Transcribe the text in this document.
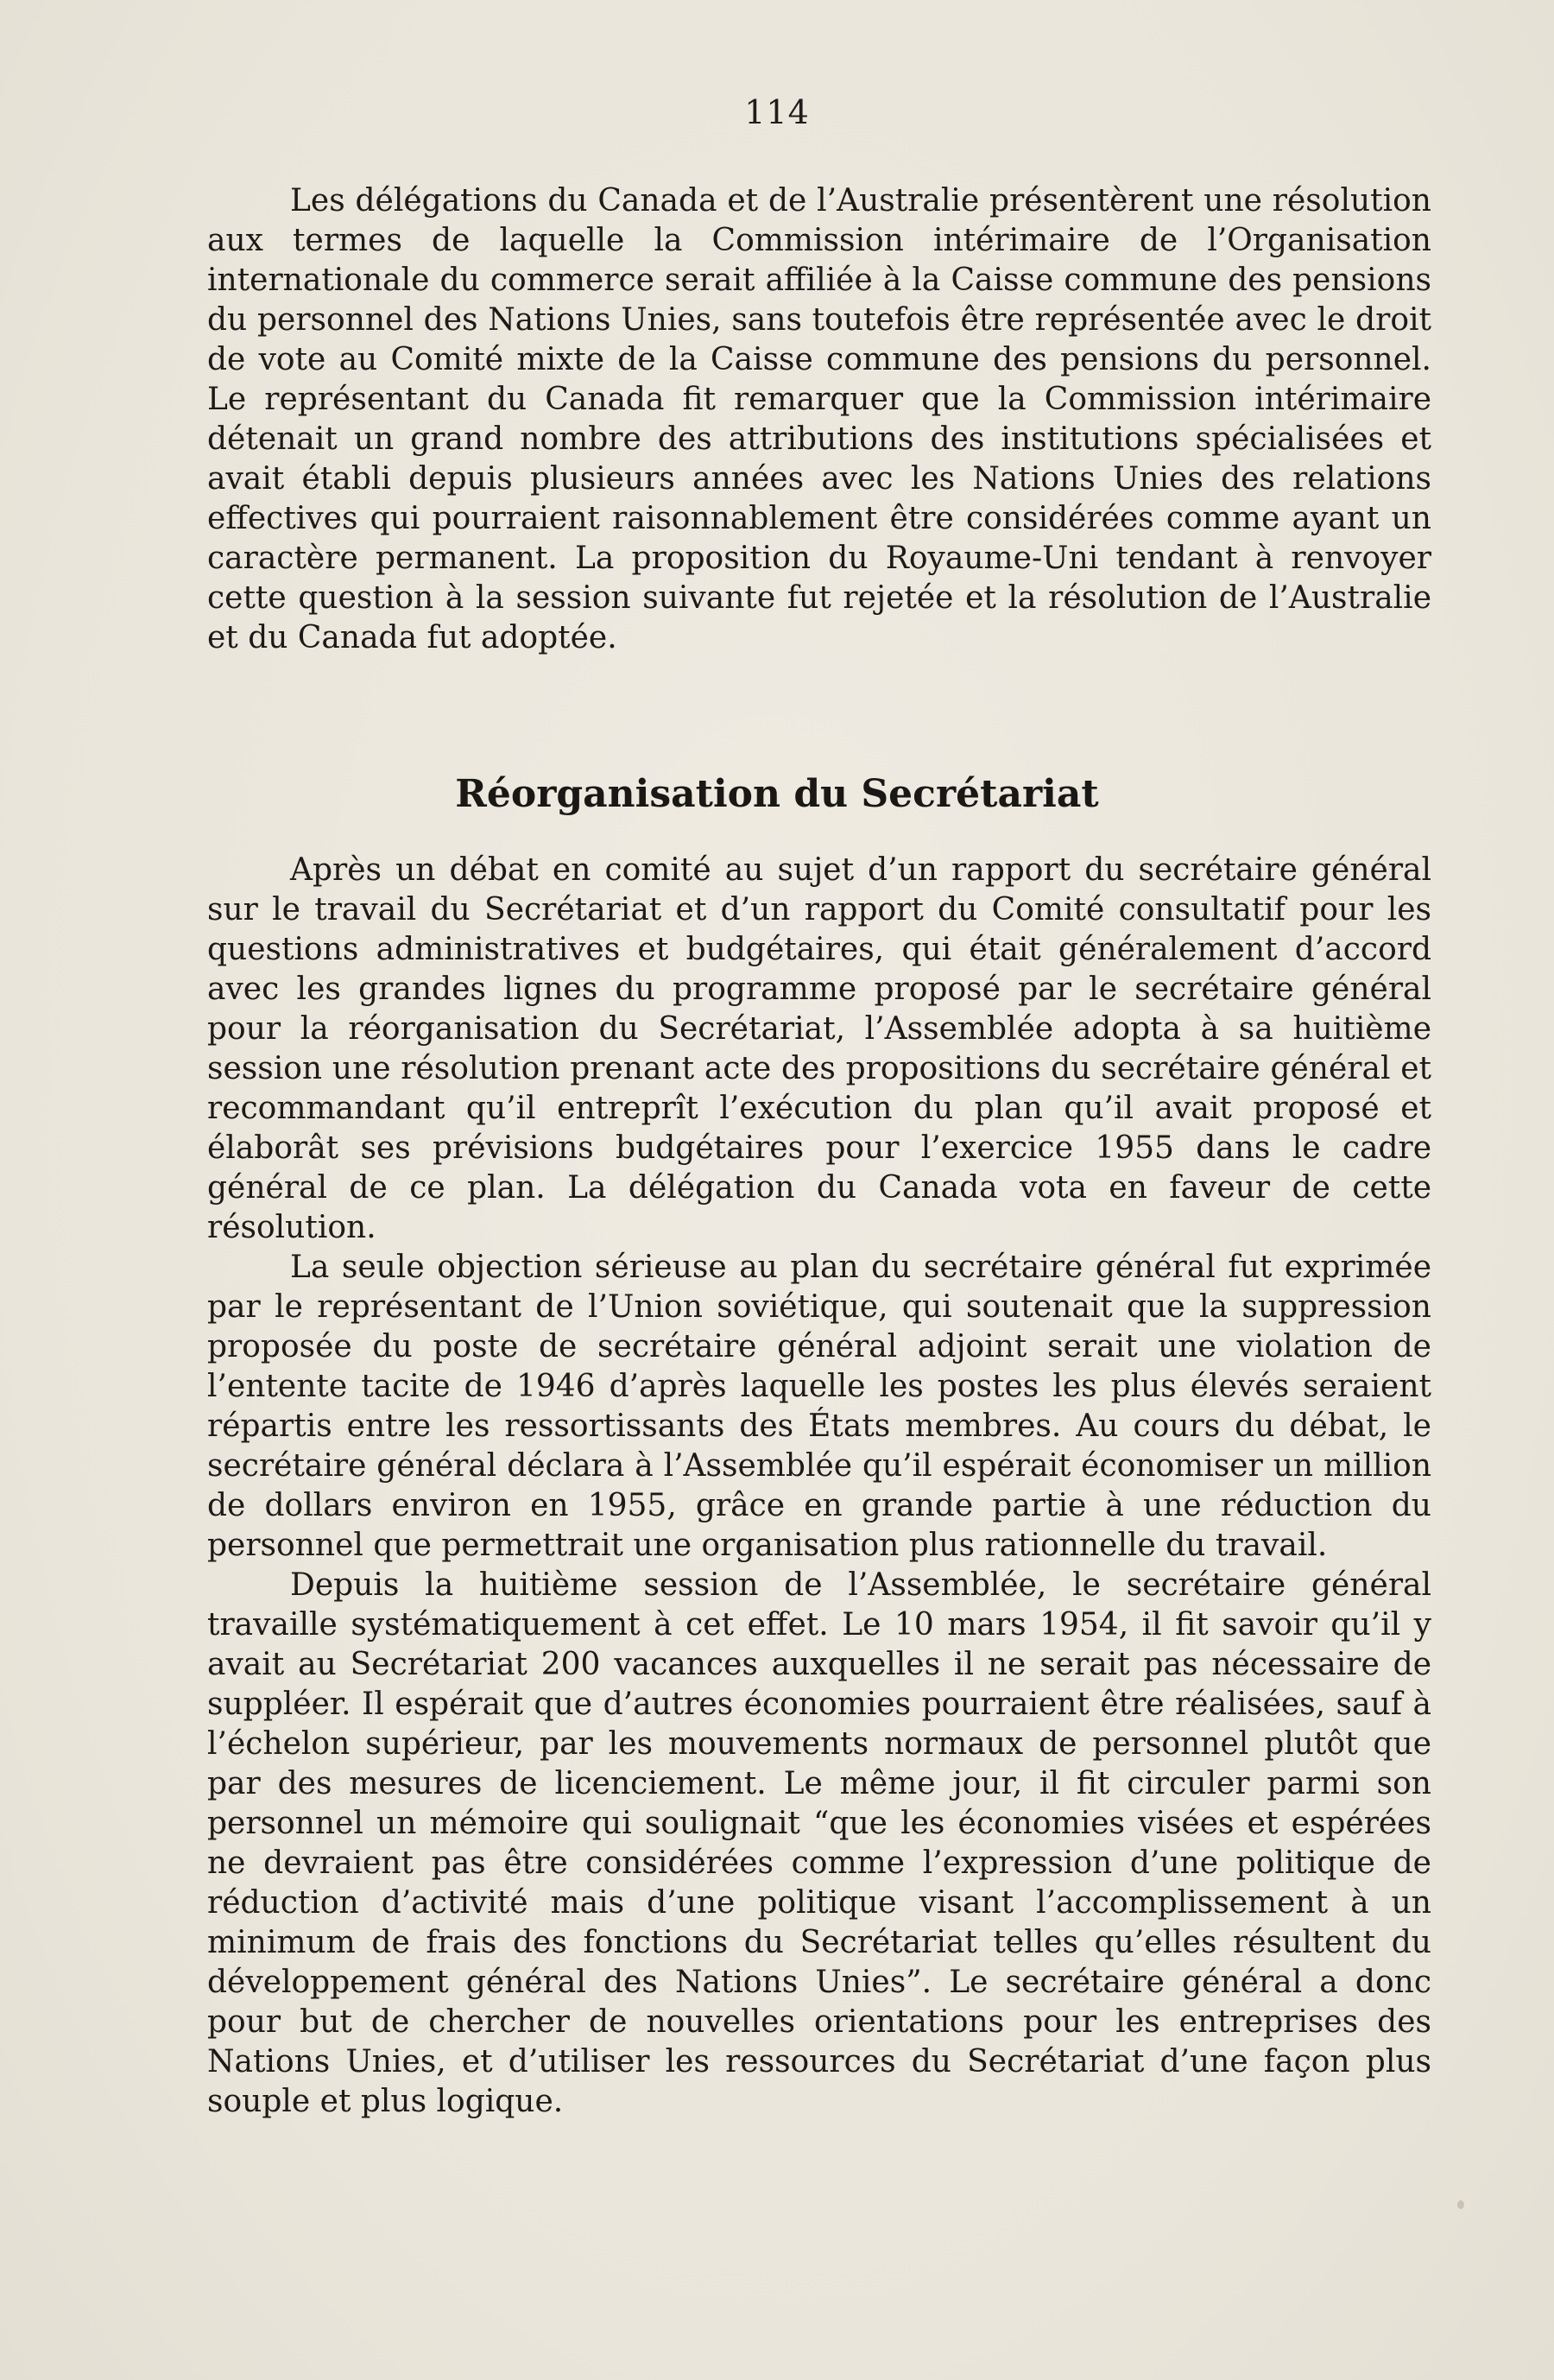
114

Les délégations du Canada et de l’Australie présentèrent une résolution aux termes de laquelle la Commission intérimaire de l’Organisation internationale du commerce serait affiliée à la Caisse commune des pensions du personnel des Nations Unies, sans toutefois être représentée avec le droit de vote au Comité mixte de la Caisse commune des pensions du personnel. Le représentant du Canada fit remarquer que la Commission intérimaire détenait un grand nombre des attributions des institutions spécialisées et avait établi depuis plusieurs années avec les Nations Unies des relations effectives qui pourraient raisonnablement être considérées comme ayant un caractère permanent. La proposition du Royaume-Uni tendant à renvoyer cette question à la session suivante fut rejetée et la résolution de l’Australie et du Canada fut adoptée.

Réorganisation du Secrétariat

Après un débat en comité au sujet d’un rapport du secrétaire général sur le travail du Secrétariat et d’un rapport du Comité consultatif pour les questions administratives et budgétaires, qui était généralement d’accord avec les grandes lignes du programme proposé par le secrétaire général pour la réorganisation du Secrétariat, l’Assemblée adopta à sa huitième session une résolution prenant acte des propositions du secrétaire général et recommandant qu’il entreprît l’exécution du plan qu’il avait proposé et élaborât ses prévisions budgétaires pour l’exercice 1955 dans le cadre général de ce plan. La délégation du Canada vota en faveur de cette résolution.

La seule objection sérieuse au plan du secrétaire général fut exprimée par le représentant de l’Union soviétique, qui soutenait que la suppression proposée du poste de secrétaire général adjoint serait une violation de l’entente tacite de 1946 d’après laquelle les postes les plus élevés seraient répartis entre les ressortissants des États membres. Au cours du débat, le secrétaire général déclara à l’Assemblée qu’il espérait économiser un million de dollars environ en 1955, grâce en grande partie à une réduction du personnel que permettrait une organisation plus rationnelle du travail.

Depuis la huitième session de l’Assemblée, le secrétaire général travaille systématiquement à cet effet. Le 10 mars 1954, il fit savoir qu’il y avait au Secrétariat 200 vacances auxquelles il ne serait pas nécessaire de suppléer. Il espérait que d’autres économies pourraient être réalisées, sauf à l’échelon supérieur, par les mouvements normaux de personnel plutôt que par des mesures de licenciement. Le même jour, il fit circuler parmi son personnel un mémoire qui soulignait “que les économies visées et espérées ne devraient pas être considérées comme l’expression d’une politique de réduction d’activité mais d’une politique visant l’accomplissement à un minimum de frais des fonctions du Secrétariat telles qu’elles résultent du développement général des Nations Unies”. Le secrétaire général a donc pour but de chercher de nouvelles orientations pour les entreprises des Nations Unies, et d’utiliser les ressources du Secrétariat d’une façon plus souple et plus logique.
